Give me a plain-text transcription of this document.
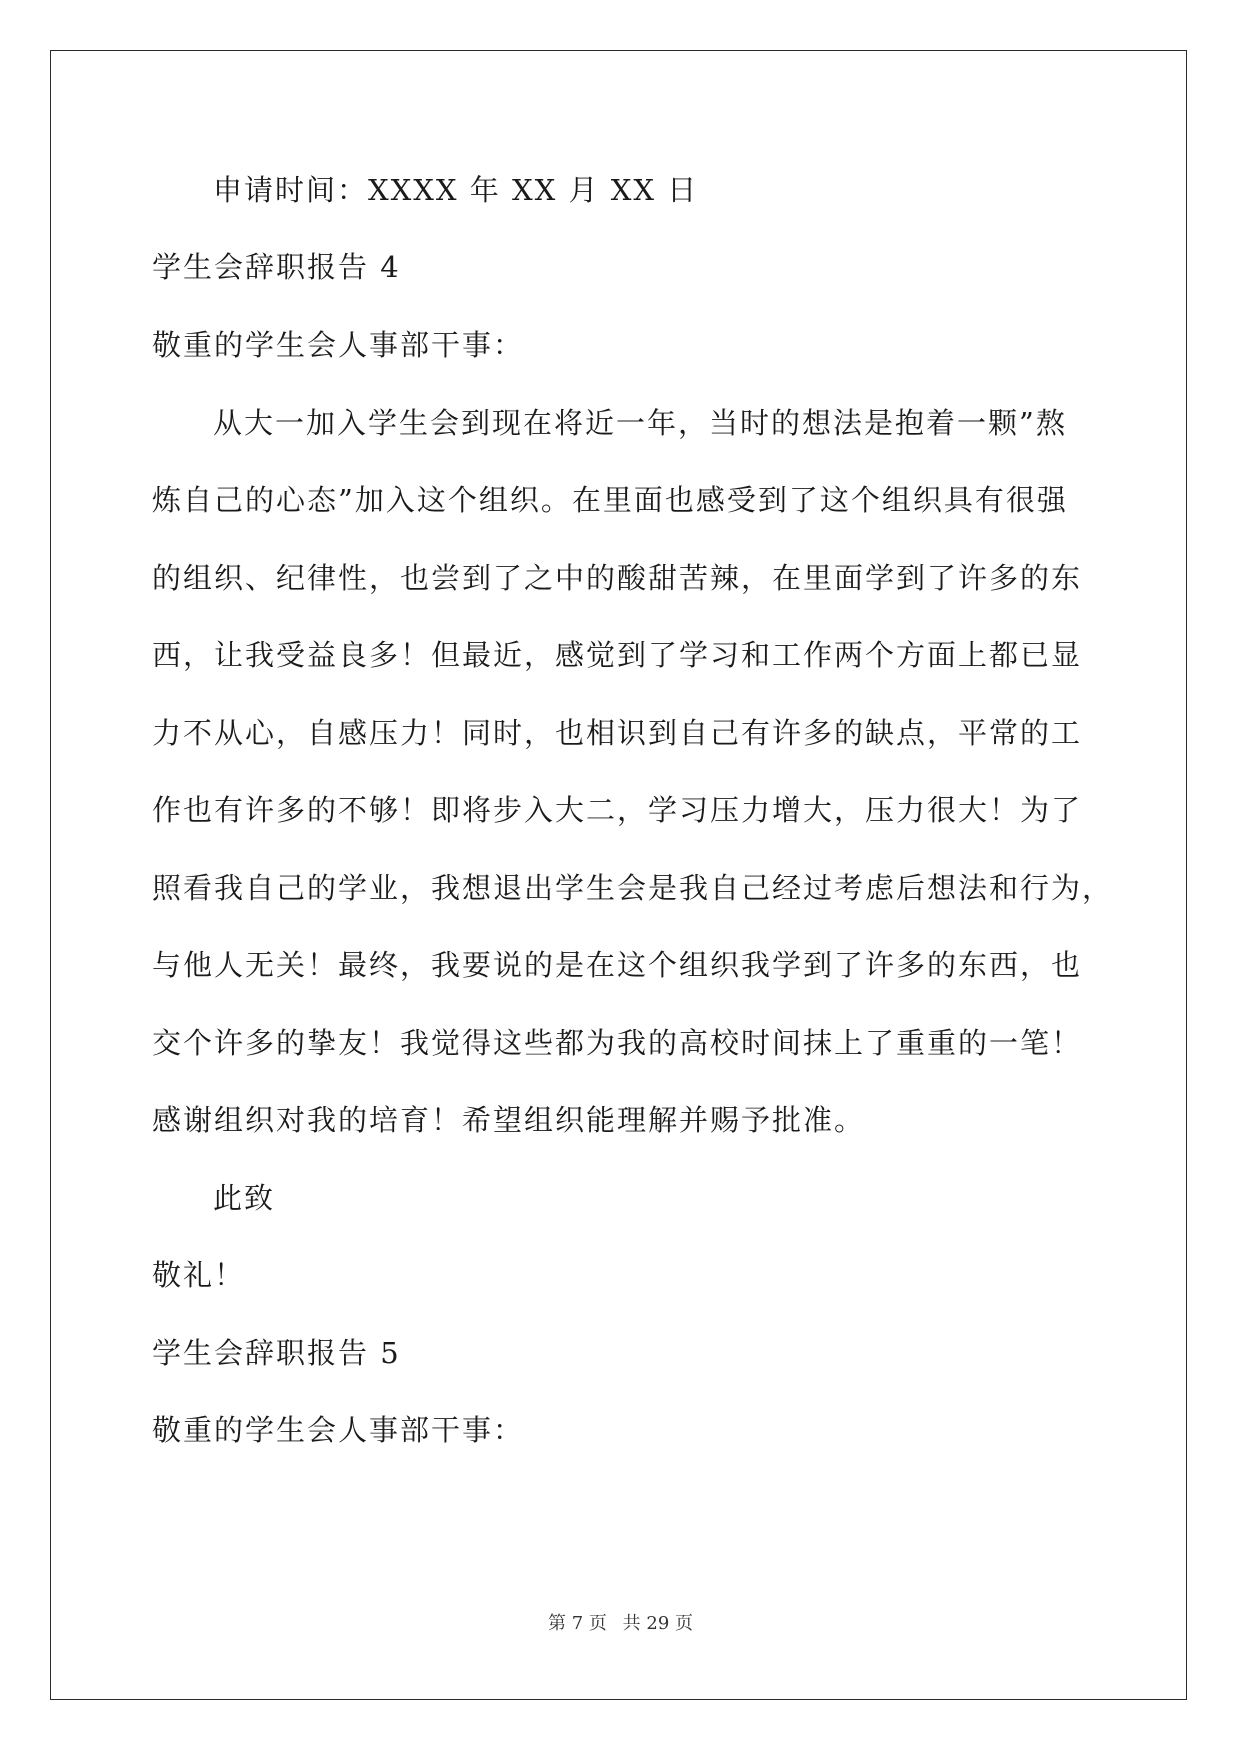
申请时间：XXXX 年 XX 月 XX 日
学生会辞职报告 4
敬重的学生会人事部干事：
从大一加入学生会到现在将近一年，当时的想法是抱着一颗”熬
炼自己的心态”加入这个组织。在里面也感受到了这个组织具有很强
的组织、纪律性，也尝到了之中的酸甜苦辣，在里面学到了许多的东
西，让我受益良多！但最近，感觉到了学习和工作两个方面上都已显
力不从心，自感压力！同时，也相识到自己有许多的缺点，平常的工
作也有许多的不够！即将步入大二，学习压力增大，压力很大！为了
照看我自己的学业，我想退出学生会是我自己经过考虑后想法和行为，
与他人无关！最终，我要说的是在这个组织我学到了许多的东西，也
交个许多的挚友！我觉得这些都为我的高校时间抹上了重重的一笔！
感谢组织对我的培育！希望组织能理解并赐予批准。
此致
敬礼！
学生会辞职报告 5
敬重的学生会人事部干事：
第 7 页 共 29 页
